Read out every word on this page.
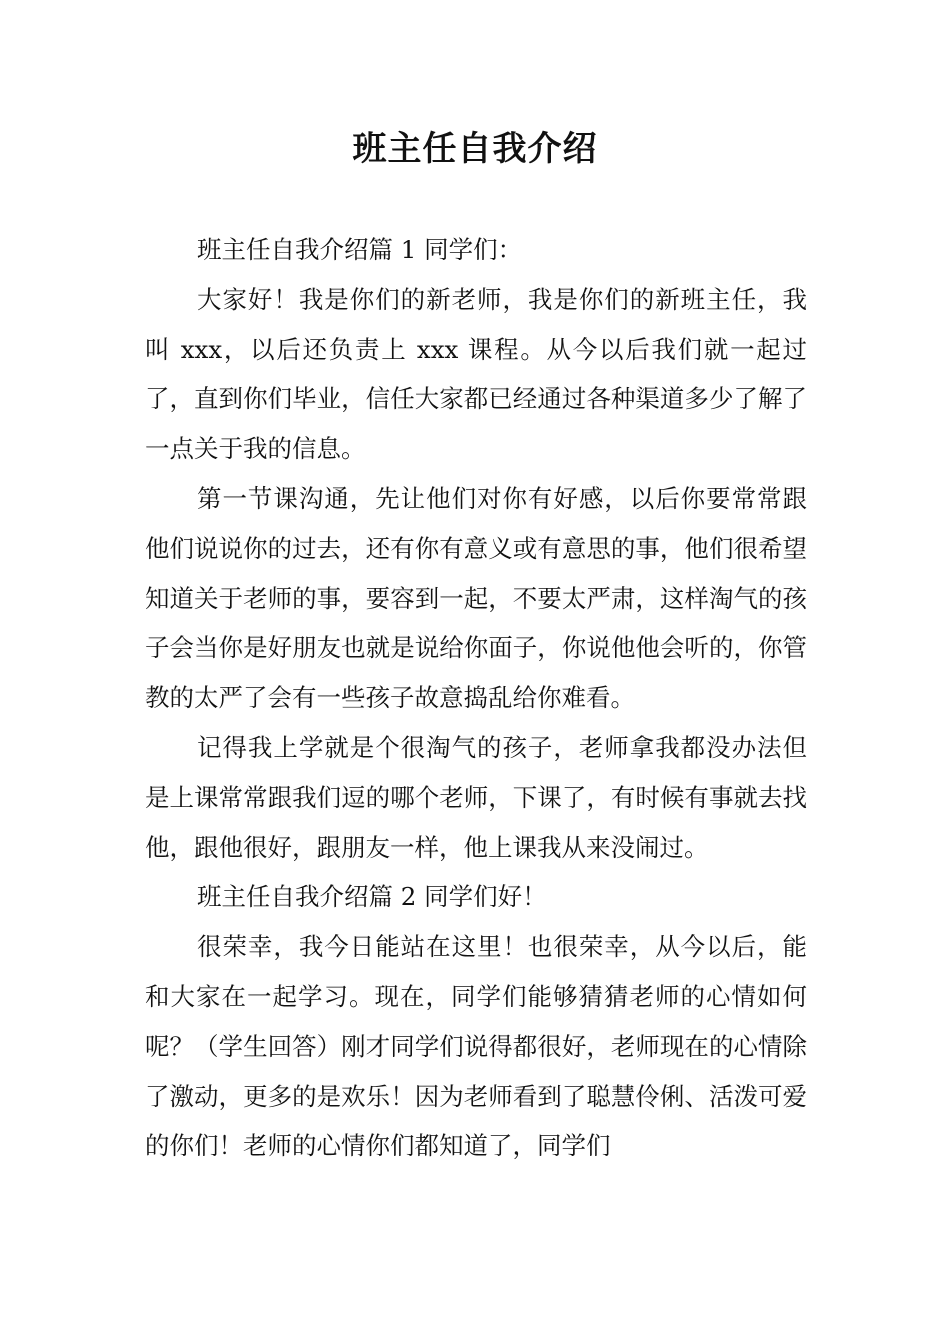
班主任自我介绍

班主任自我介绍篇 1 同学们：

大家好！我是你们的新老师，我是你们的新班主任，我叫 xxx，以后还负责上 xxx 课程。从今以后我们就一起过了，直到你们毕业，信任大家都已经通过各种渠道多少了解了一点关于我的信息。

第一节课沟通，先让他们对你有好感，以后你要常常跟他们说说你的过去，还有你有意义或有意思的事，他们很希望知道关于老师的事，要容到一起，不要太严肃，这样淘气的孩子会当你是好朋友也就是说给你面子，你说他他会听的，你管教的太严了会有一些孩子故意捣乱给你难看。

记得我上学就是个很淘气的孩子，老师拿我都没办法但是上课常常跟我们逗的哪个老师，下课了，有时候有事就去找他，跟他很好，跟朋友一样，他上课我从来没闹过。

班主任自我介绍篇 2 同学们好！

很荣幸，我今日能站在这里！也很荣幸，从今以后，能和大家在一起学习。现在，同学们能够猜猜老师的心情如何呢？（学生回答）刚才同学们说得都很好，老师现在的心情除了激动，更多的是欢乐！因为老师看到了聪慧伶俐、活泼可爱的你们！老师的心情你们都知道了，同学们
